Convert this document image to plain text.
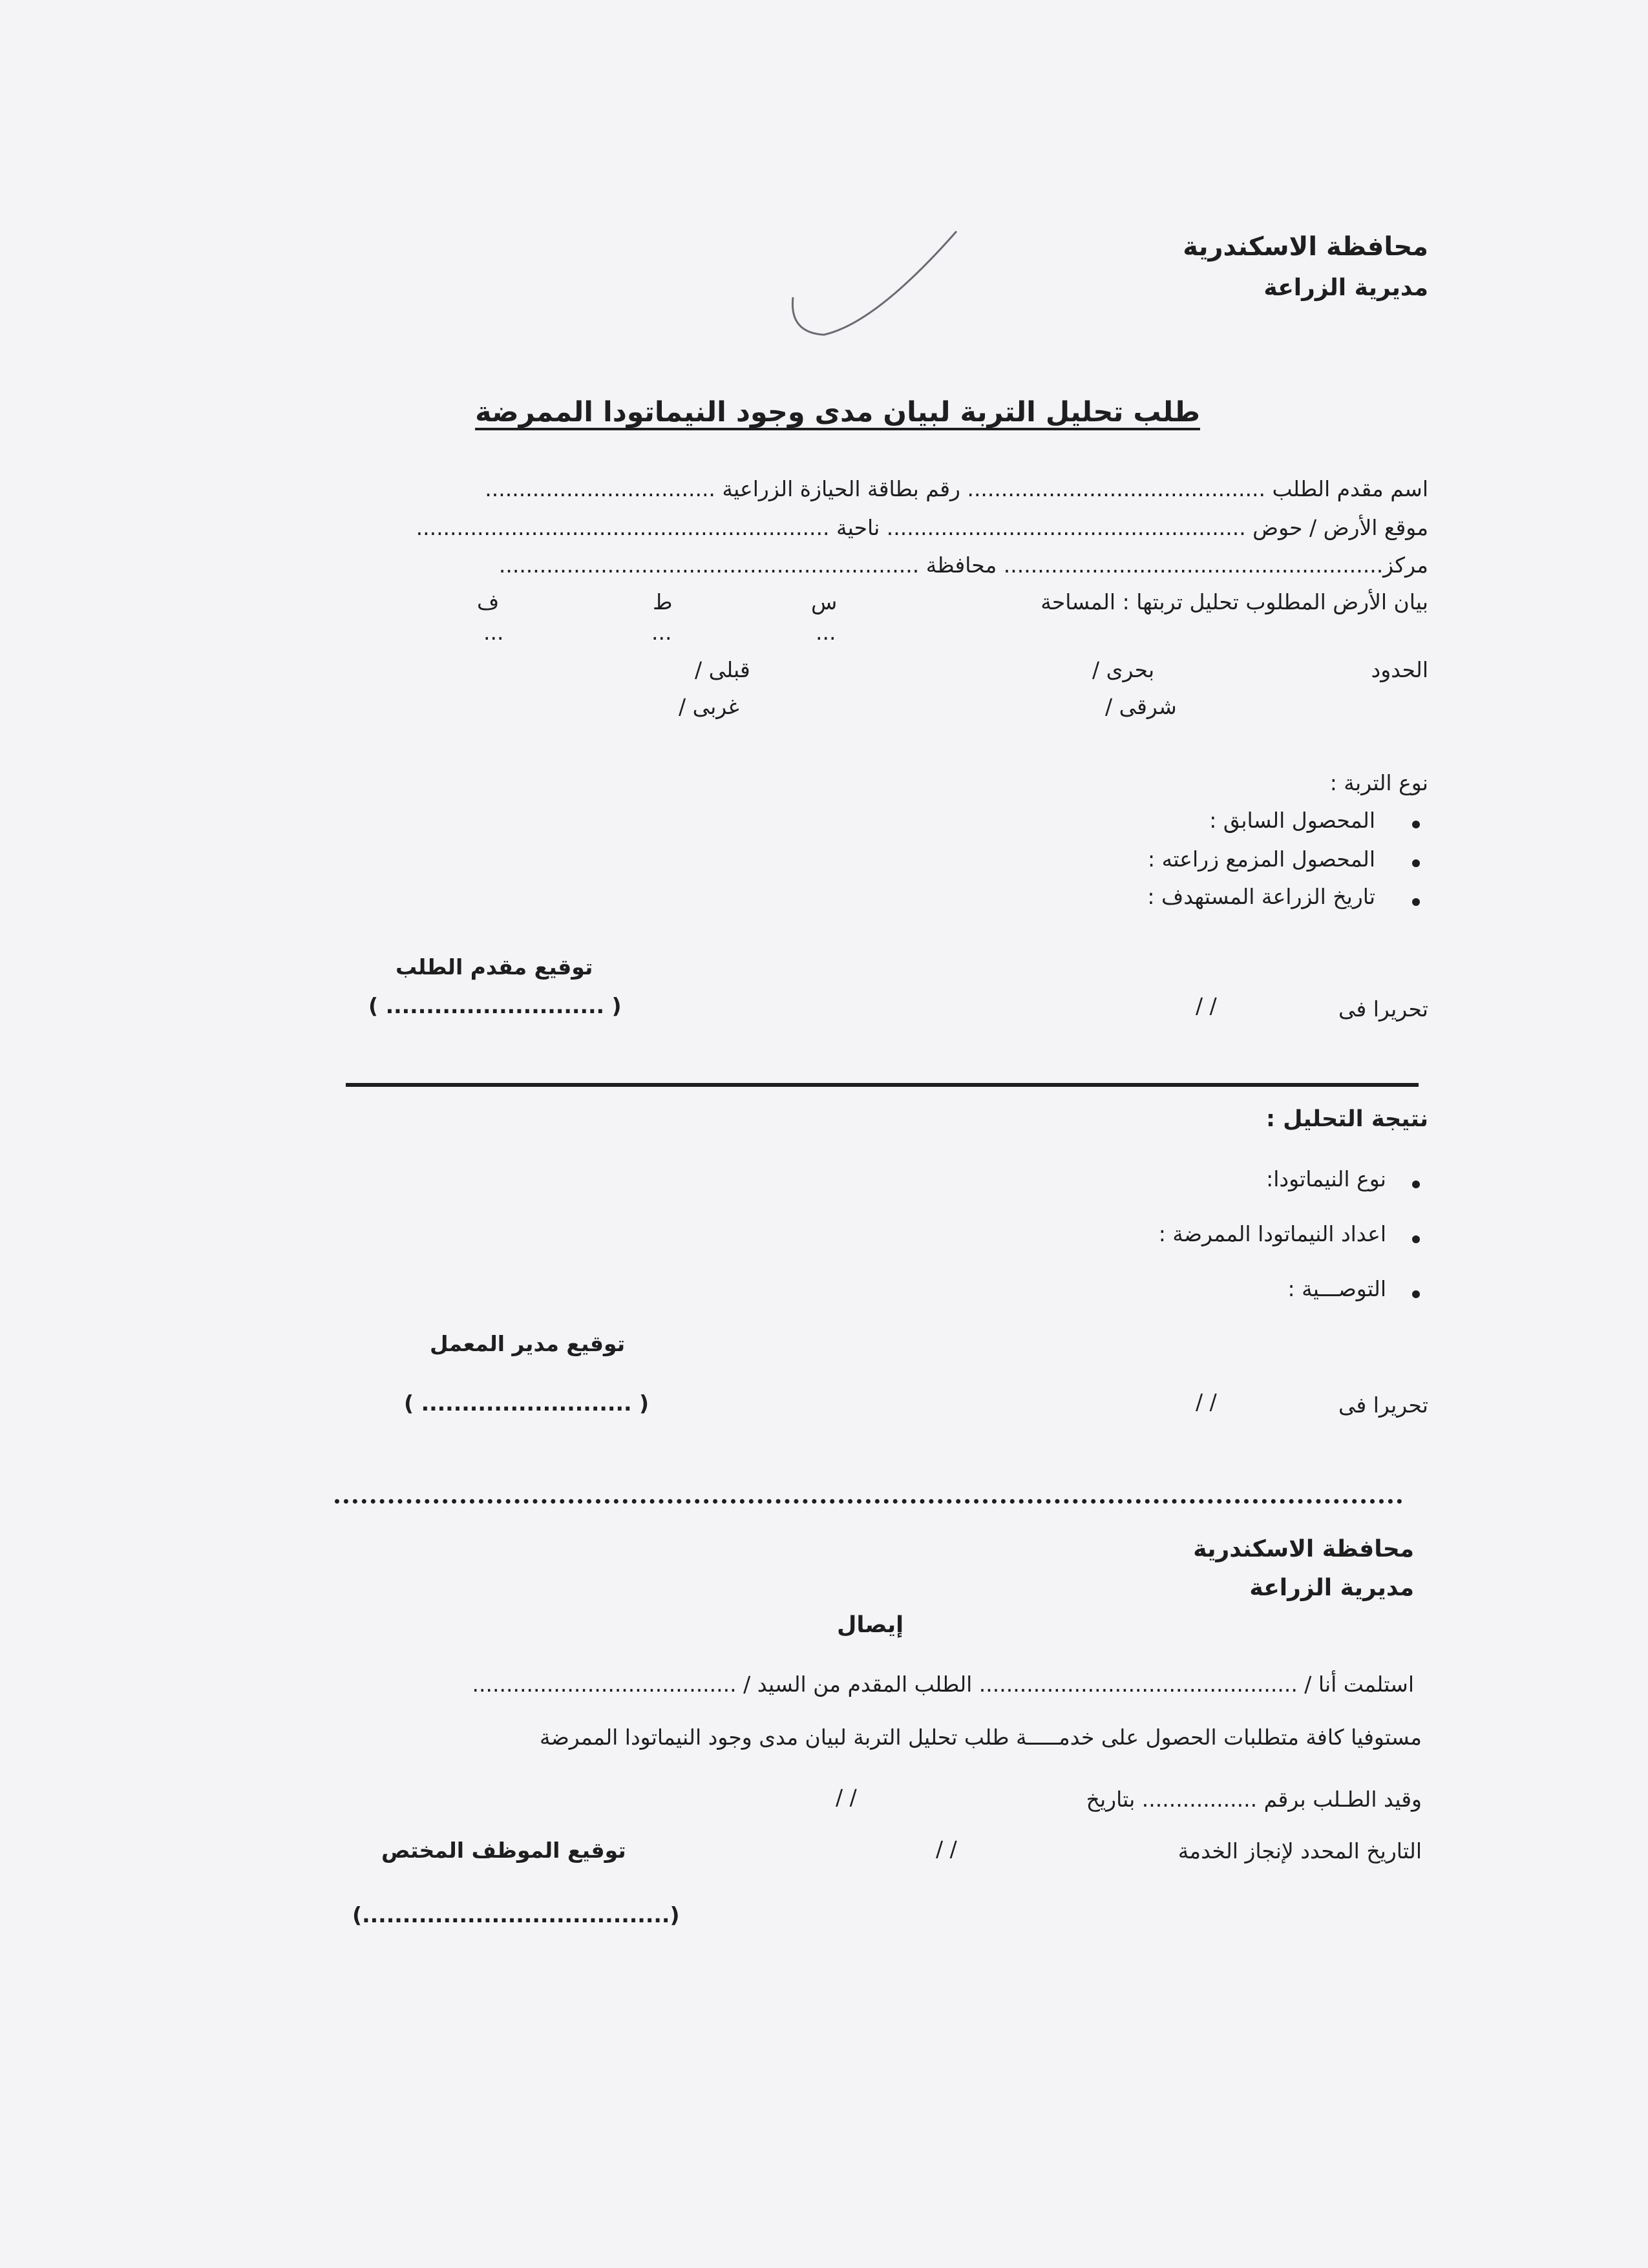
محافظة الاسكندرية
مديرية الزراعة
طلب تحليل التربة لبيان مدى وجود النيماتودا الممرضة
اسم مقدم الطلب ............................................ رقم بطاقة الحيازة الزراعية ..................................
موقع الأرض / حوض ..................................................... ناحية .............................................................
مركز........................................................ محافظة ..............................................................
بيان الأرض المطلوب تحليل تربتها : المساحة
س
ط
ف
...
...
...
الحدود
بحرى /
قبلى /
شرقى /
غربى /
نوع التربة :
المحصول السابق :
المحصول المزمع زراعته :
تاريخ الزراعة المستهدف :
توقيع مقدم الطلب
( ........................... )	تحريرا فى
/ /
نتيجة التحليل :
نوع النيماتودا:
اعداد النيماتودا الممرضة :
التوصـــية :
توقيع مدير المعمل
( .......................... )	تحريرا فى
/ /
محافظة الاسكندرية
مديرية الزراعة
إيصال
استلمت أنا / ............................................... الطلب المقدم من السيد / .......................................
مستوفيا كافة متطلبات الحصول على خدمـــــة طلب تحليل التربة لبيان مدى وجود النيماتودا الممرضة
وقيد الطـلب برقم ................. بتاريخ
/ /
التاريخ المحدد لإنجاز الخدمة
/ /
توقيع الموظف المختص
(......................................)
